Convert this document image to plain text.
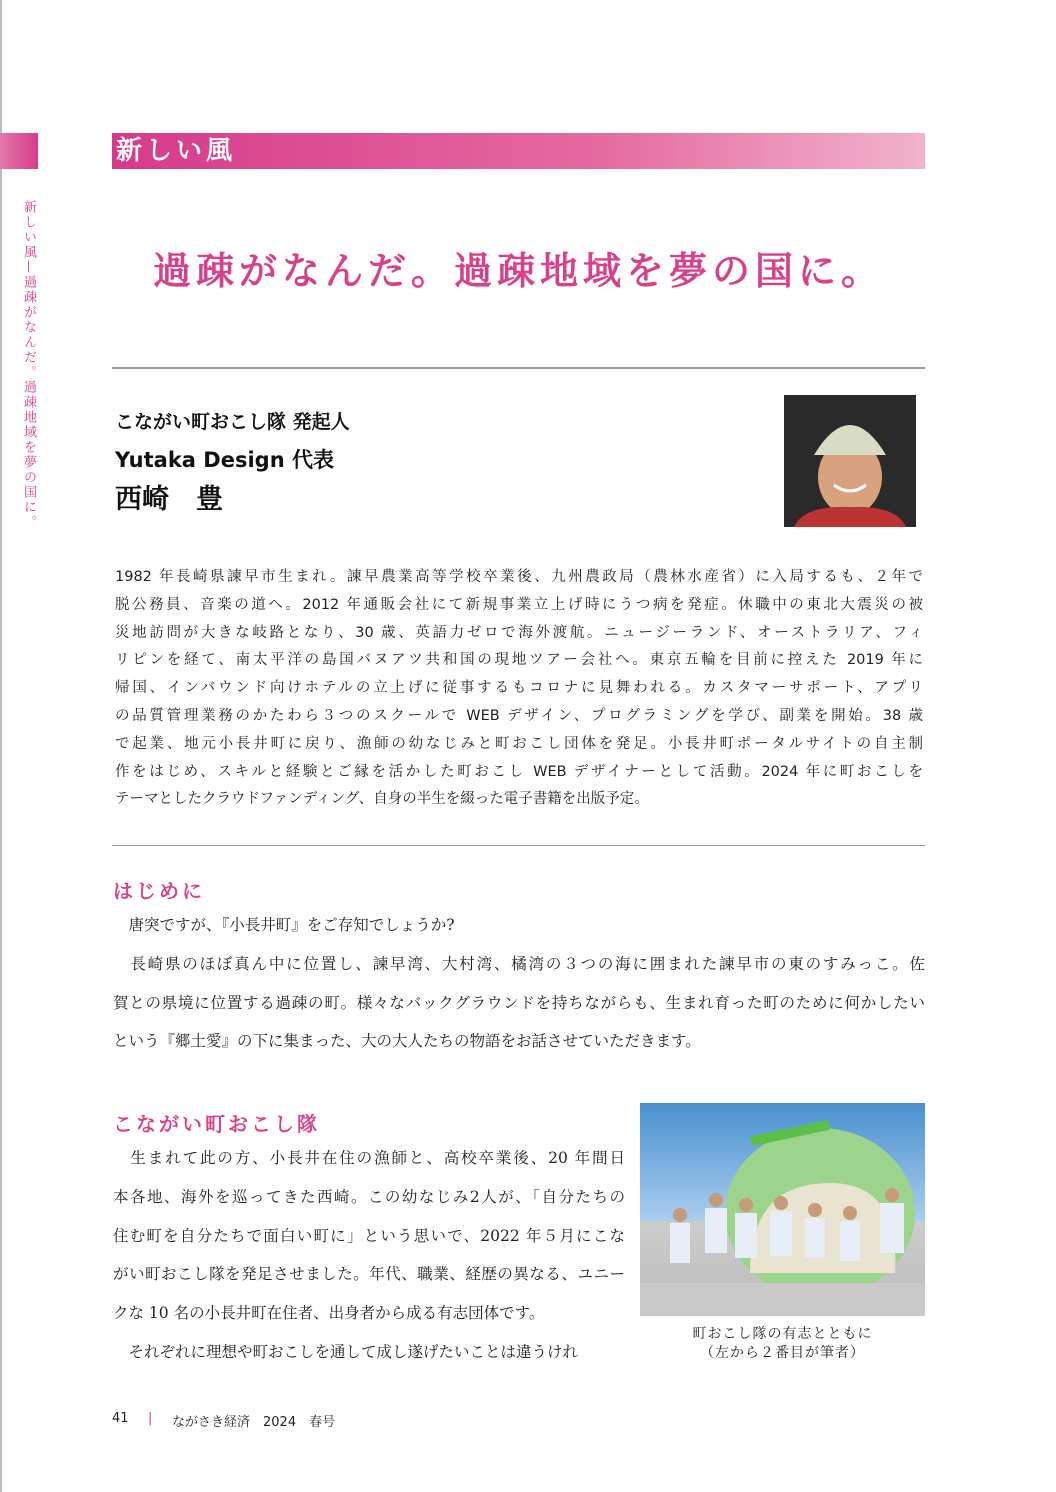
新しい風
新しい風—過疎がなんだ。過疎地域を夢の国に。	過疎がなんだ。過疎地域を夢の国に。
こながい町おこし隊 発起人
Yutaka Design 代表
西崎　豊
1982 年長崎県諫早市生まれ。諫早農業高等学校卒業後、九州農政局（農林水産省）に入局するも、２年で
脱公務員、音楽の道へ。2012 年通販会社にて新規事業立上げ時にうつ病を発症。休職中の東北大震災の被
災地訪問が大きな岐路となり、30 歳、英語力ゼロで海外渡航。ニュージーランド、オーストラリア、フィ
リピンを経て、南太平洋の島国バヌアツ共和国の現地ツアー会社へ。東京五輪を目前に控えた 2019 年に
帰国、インバウンド向けホテルの立上げに従事するもコロナに見舞われる。カスタマーサポート、アプリ
の品質管理業務のかたわら３つのスクールで WEB デザイン、プログラミングを学び、副業を開始。38 歳
で起業、地元小長井町に戻り、漁師の幼なじみと町おこし団体を発足。小長井町ポータルサイトの自主制
作をはじめ、スキルと経験とご縁を活かした町おこし WEB デザイナーとして活動。2024 年に町おこしを
テーマとしたクラウドファンディング、自身の半生を綴った電子書籍を出版予定。
はじめに
　唐突ですが、『小長井町』をご存知でしょうか?
　長崎県のほぼ真ん中に位置し、諫早湾、大村湾、橘湾の３つの海に囲まれた諫早市の東のすみっこ。佐
賀との県境に位置する過疎の町。様々なバックグラウンドを持ちながらも、生まれ育った町のために何かしたい
という『郷土愛』の下に集まった、大の大人たちの物語をお話させていただきます。
こながい町おこし隊
　生まれて此の方、小長井在住の漁師と、高校卒業後、20 年間日
本各地、海外を巡ってきた西崎。この幼なじみ2人が、「自分たちの
住む町を自分たちで面白い町に」という思いで、2022 年５月にこな
がい町おこし隊を発足させました。年代、職業、経歴の異なる、ユニー
クな 10 名の小長井町在住者、出身者から成る有志団体です。
　それぞれに理想や町おこしを通して成し遂げたいことは違うけれ
町おこし隊の有志とともに
（左から２番目が筆者）
41 | ながさき経済　2024　春号
